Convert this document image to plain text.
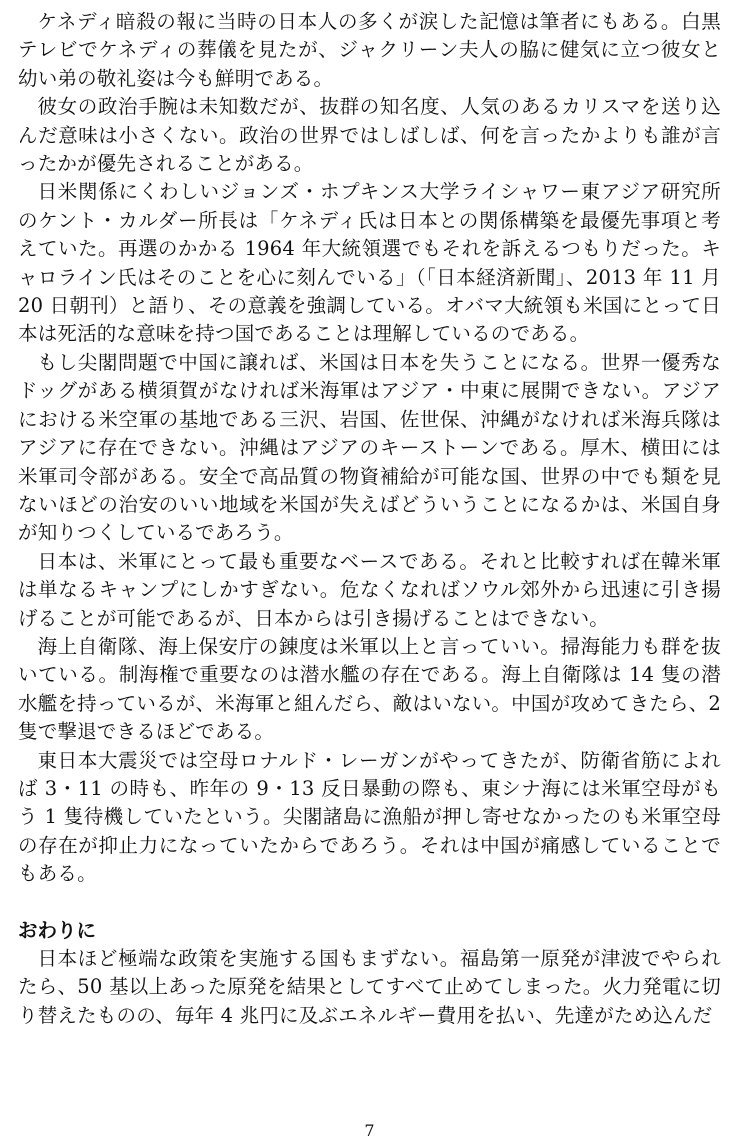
ケネディ暗殺の報に当時の日本人の多くが涙した記憶は筆者にもある。白黒テレビでケネディの葬儀を見たが、ジャクリーン夫人の脇に健気に立つ彼女と幼い弟の敬礼姿は今も鮮明である。

彼女の政治手腕は未知数だが、抜群の知名度、人気のあるカリスマを送り込んだ意味は小さくない。政治の世界ではしばしば、何を言ったかよりも誰が言ったかが優先されることがある。

日米関係にくわしいジョンズ・ホプキンス大学ライシャワー東アジア研究所のケント・カルダー所長は「ケネディ氏は日本との関係構築を最優先事項と考えていた。再選のかかる 1964 年大統領選でもそれを訴えるつもりだった。キャロライン氏はそのことを心に刻んでいる」（「日本経済新聞」、2013 年 11 月 20 日朝刊）と語り、その意義を強調している。オバマ大統領も米国にとって日本は死活的な意味を持つ国であることは理解しているのである。

もし尖閣問題で中国に譲れば、米国は日本を失うことになる。世界一優秀なドッグがある横須賀がなければ米海軍はアジア・中東に展開できない。アジアにおける米空軍の基地である三沢、岩国、佐世保、沖縄がなければ米海兵隊はアジアに存在できない。沖縄はアジアのキーストーンである。厚木、横田には米軍司令部がある。安全で高品質の物資補給が可能な国、世界の中でも類を見ないほどの治安のいい地域を米国が失えばどういうことになるかは、米国自身が知りつくしているであろう。

日本は、米軍にとって最も重要なベースである。それと比較すれば在韓米軍は単なるキャンプにしかすぎない。危なくなればソウル郊外から迅速に引き揚げることが可能であるが、日本からは引き揚げることはできない。

海上自衛隊、海上保安庁の錬度は米軍以上と言っていい。掃海能力も群を抜いている。制海権で重要なのは潜水艦の存在である。海上自衛隊は 14 隻の潜水艦を持っているが、米海軍と組んだら、敵はいない。中国が攻めてきたら、2 隻で撃退できるほどである。

東日本大震災では空母ロナルド・レーガンがやってきたが、防衛省筋によれば 3・11 の時も、昨年の 9・13 反日暴動の際も、東シナ海には米軍空母がもう 1 隻待機していたという。尖閣諸島に漁船が押し寄せなかったのも米軍空母の存在が抑止力になっていたからであろう。それは中国が痛感していることでもある。

おわりに

日本ほど極端な政策を実施する国もまずない。福島第一原発が津波でやられたら、50 基以上あった原発を結果としてすべて止めてしまった。火力発電に切り替えたものの、毎年 4 兆円に及ぶエネルギー費用を払い、先達がため込んだ

7
